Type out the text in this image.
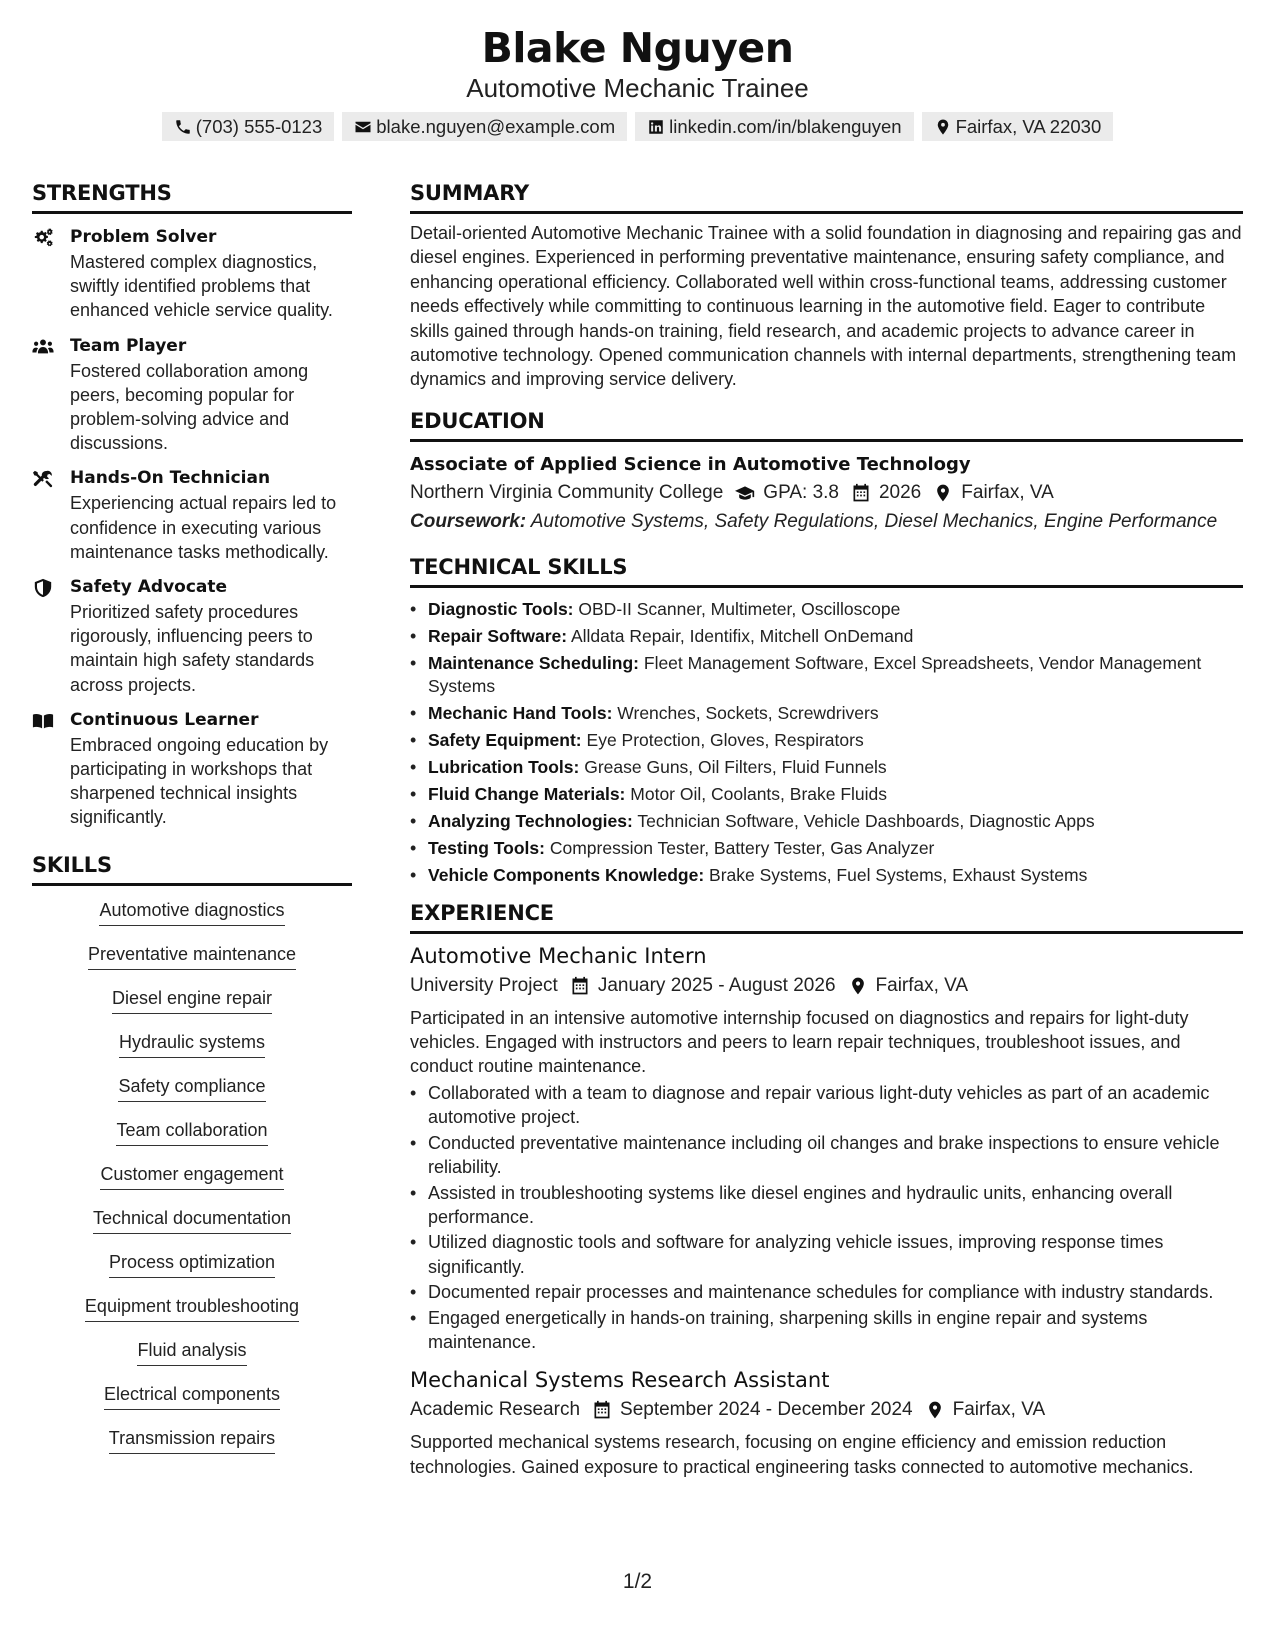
Blake Nguyen
Automotive Mechanic Trainee
(703) 555-0123	blake.nguyen@example.com	linkedin.com/in/blakenguyen	Fairfax, VA 22030
STRENGTHS
Problem Solver
Mastered complex diagnostics, swiftly identified problems that enhanced vehicle service quality.
Team Player
Fostered collaboration among peers, becoming popular for problem-solving advice and discussions.
Hands-On Technician
Experiencing actual repairs led to confidence in executing various maintenance tasks methodically.
Safety Advocate
Prioritized safety procedures rigorously, influencing peers to maintain high safety standards across projects.
Continuous Learner
Embraced ongoing education by participating in workshops that sharpened technical insights significantly.
SKILLS
Automotive diagnostics
Preventative maintenance
Diesel engine repair
Hydraulic systems
Safety compliance
Team collaboration
Customer engagement
Technical documentation
Process optimization
Equipment troubleshooting
Fluid analysis
Electrical components
Transmission repairs
SUMMARY
Detail-oriented Automotive Mechanic Trainee with a solid foundation in diagnosing and repairing gas and diesel engines. Experienced in performing preventative maintenance, ensuring safety compliance, and enhancing operational efficiency. Collaborated well within cross-functional teams, addressing customer needs effectively while committing to continuous learning in the automotive field. Eager to contribute skills gained through hands-on training, field research, and academic projects to advance career in automotive technology. Opened communication channels with internal departments, strengthening team dynamics and improving service delivery.
EDUCATION
Associate of Applied Science in Automotive Technology
Northern Virginia Community College GPA: 3.8 2026 Fairfax, VA
Coursework: Automotive Systems, Safety Regulations, Diesel Mechanics, Engine Performance
TECHNICAL SKILLS
• Diagnostic Tools: OBD-II Scanner, Multimeter, Oscilloscope
• Repair Software: Alldata Repair, Identifix, Mitchell OnDemand
• Maintenance Scheduling: Fleet Management Software, Excel Spreadsheets, Vendor Management Systems
• Mechanic Hand Tools: Wrenches, Sockets, Screwdrivers
• Safety Equipment: Eye Protection, Gloves, Respirators
• Lubrication Tools: Grease Guns, Oil Filters, Fluid Funnels
• Fluid Change Materials: Motor Oil, Coolants, Brake Fluids
• Analyzing Technologies: Technician Software, Vehicle Dashboards, Diagnostic Apps
• Testing Tools: Compression Tester, Battery Tester, Gas Analyzer
• Vehicle Components Knowledge: Brake Systems, Fuel Systems, Exhaust Systems
EXPERIENCE
Automotive Mechanic Intern
University Project January 2025 - August 2026 Fairfax, VA
Participated in an intensive automotive internship focused on diagnostics and repairs for light-duty vehicles. Engaged with instructors and peers to learn repair techniques, troubleshoot issues, and conduct routine maintenance.
• Collaborated with a team to diagnose and repair various light-duty vehicles as part of an academic automotive project.
• Conducted preventative maintenance including oil changes and brake inspections to ensure vehicle reliability.
• Assisted in troubleshooting systems like diesel engines and hydraulic units, enhancing overall performance.
• Utilized diagnostic tools and software for analyzing vehicle issues, improving response times significantly.
• Documented repair processes and maintenance schedules for compliance with industry standards.
• Engaged energetically in hands-on training, sharpening skills in engine repair and systems maintenance.
Mechanical Systems Research Assistant
Academic Research September 2024 - December 2024 Fairfax, VA
Supported mechanical systems research, focusing on engine efficiency and emission reduction technologies. Gained exposure to practical engineering tasks connected to automotive mechanics.
1/2
